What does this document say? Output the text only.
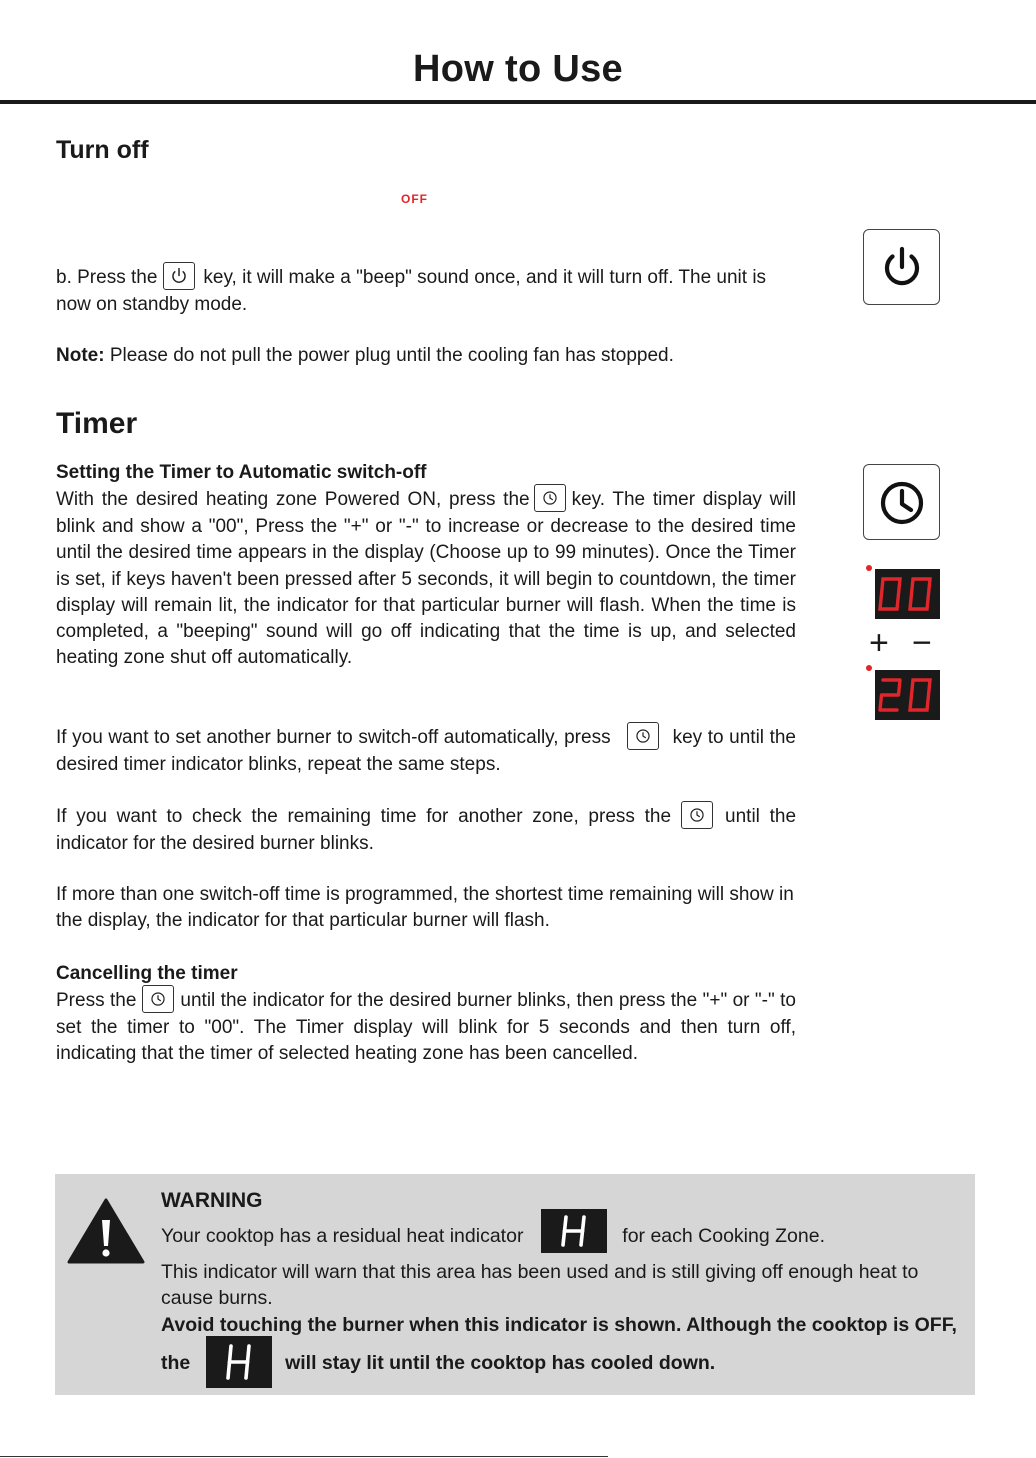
How to Use
Turn off
OFF

b. Press the key, it will make a "beep" sound once, and it will turn off. The unit is now on standby mode.

Note: Please do not pull the power plug until the cooling fan has stopped.

Timer

Setting the Timer to Automatic switch-off

With the desired heating zone Powered ON, press the key. The timer display will blink and show a "00", Press the "+" or "-" to increase or decrease to the desired time until the desired time appears in the display (Choose up to 99 minutes). Once the Timer is set, if keys haven't been pressed after 5 seconds, it will begin to countdown, the timer display will remain lit, the indicator for that particular burner will flash. When the time is completed, a "beeping" sound will go off indicating that the time is up, and selected heating zone shut off automatically.

If you want to set another burner to switch-off automatically, press	key to until the desired timer indicator blinks, repeat the same steps.

If you want to check the remaining time for another zone, press the	until the indicator for the desired burner blinks.

If more than one switch-off time is programmed, the shortest time remaining will show in the display, the indicator for that particular burner will flash.

Cancelling the timer

Press the until the indicator for the desired burner blinks, then press the "+" or "-" to set the timer to "00". The Timer display will blink for 5 seconds and then turn off, indicating that the timer of selected heating zone has been cancelled.

+ −
WARNING
Your cooktop has a residual heat indicator	for each Cooking Zone.
This indicator will warn that this area has been used and is still giving off enough heat to cause burns.
Avoid touching the burner when this indicator is shown. Although the cooktop is OFF, the	will stay lit until the cooktop has cooled down.
